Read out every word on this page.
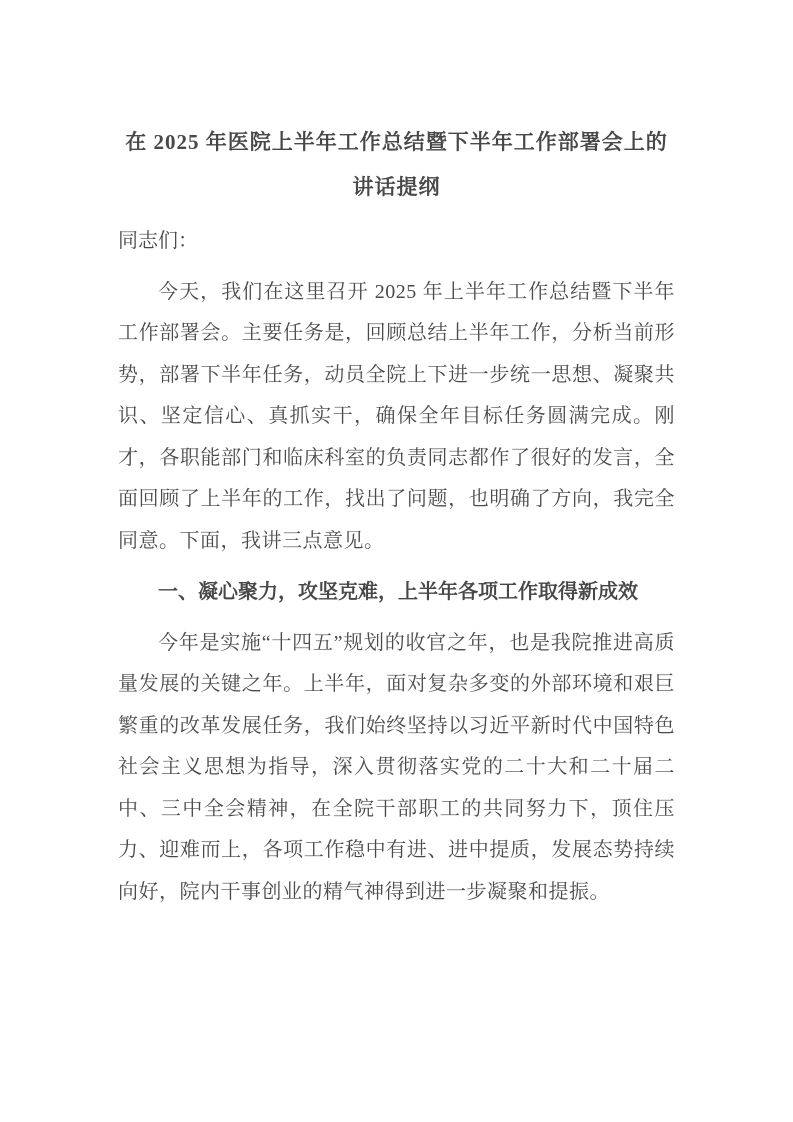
在 2025 年医院上半年工作总结暨下半年工作部署会上的讲话提纲

同志们：

今天，我们在这里召开 2025 年上半年工作总结暨下半年工作部署会。主要任务是，回顾总结上半年工作，分析当前形势，部署下半年任务，动员全院上下进一步统一思想、凝聚共识、坚定信心、真抓实干，确保全年目标任务圆满完成。刚才，各职能部门和临床科室的负责同志都作了很好的发言，全面回顾了上半年的工作，找出了问题，也明确了方向，我完全同意。下面，我讲三点意见。

一、凝心聚力，攻坚克难，上半年各项工作取得新成效

今年是实施“十四五”规划的收官之年，也是我院推进高质量发展的关键之年。上半年，面对复杂多变的外部环境和艰巨繁重的改革发展任务，我们始终坚持以习近平新时代中国特色社会主义思想为指导，深入贯彻落实党的二十大和二十届二中、三中全会精神，在全院干部职工的共同努力下，顶住压力、迎难而上，各项工作稳中有进、进中提质，发展态势持续向好，院内干事创业的精气神得到进一步凝聚和提振。
